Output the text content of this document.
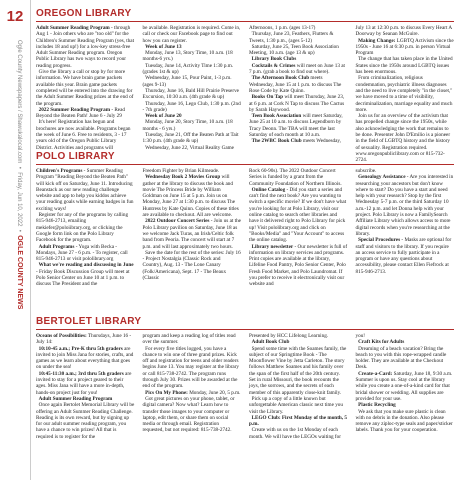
12
Ogle County Newspapers / Shawukalocal.com  •  Friday, Jun 10, 2022  •  OGLE COUNTY NEWS
OREGON LIBRARY
Adult Summer Reading Program - through Aug 1 - Join others who are "too old" for the Children's Summer Reading Program (yes, that includes 18 and up!) for a low-key stress-free Adult Summer Reading program. Oregon Public Library has two ways to record your reading progress.
Give the library a call or stop by for more information. We have brain game packets available this year. Brain game packets completed will be entered into the drawing for the Adult Summer Reading prizes at the end of the program.
2022 Summer Reading Program - Read Beyond the Beaten Path! June 6 - July 29
It's here! Registration has begun and brochures are now available. Programs began the week of June 6. Free to residents, 3 - 17 years old of the Oregon Public Library District. Activities and programs will
be available. Registration is required. Come in, call or check our Facebook page to find out how you can register.
Week of June 13
Monday, June 13, Story Time, 10 a.m. (18 months-6 yrs.)
Tuesday, June 14, Activity Time 1:30 p.m. (grades 1st & up)
Wednesday, June 15, Pour Paint, 1-3 p.m. (ages 9-13)
Thursday, June 16, Bald Hill Prairie Preserve Excursion, 10:30 a.m. (4th grade & up)
Thursday, June 16, Lego Club, 1:30 p.m. (2nd - 7th grade)
Week of June 20
Monday, June 20, Story Time, 10 a.m. (18 months - 6 yrs.)
Tuesday, June 21, Off the Beaten Path at Tait 1:30 p.m. (4th grade & up)
Wednesday, June 22, Virtual Reality Game
Afternoons, 1 p.m. (ages 13-17)
Thursday, June 23, Feathers, Flutters & Tweets, 1:30 p.m., (ages 5-12)
Saturday, June 25, Teen Book Association Meeting, 10 a.m. (age 13 & up)
Library Book Clubs
Cocktails & Crimes will meet on June 13 at 7 p.m. (grab a book to find out where).
The Afternoon Book Club meets Wednesday, June 15 at 1 p.m. to discuss The Rose Code by Kate Quinn.
Books On Tap will meet Thursday, June 23, at 6 p.m. at Cork N Tap to discuss The Cactus by Sarah Haywood.
Teen Book Association will meet Saturday, June 25 at 10 a.m. to discuss Legendborn by Tracy Deonn. The TBA will meet the last Saturday of each month at 10 a.m.
The 2WBC Book Club meets Wednesday,
July 13 at 12:30 p.m. to discuss Every Heart A Doorway by Seanan McGuire.
Making Change: LGBTQ Activism since the 1950s - June 16 at 6:30 p.m. in person Virtual Program
The change that has taken place in the United States since the 1950s around LGBTQ issues has been enormous.
From criminalization, religious condemnation, psychiatric illness diagnoses and the need to live completely "in the closet," we have moved to a time of visibility, decriminalization, marriage equality and much more.
Join us for an overview of the activism that has propelled change since the 1950s, while also acknowledging the work that remains to be done. Presenter John D'Emilio is a pioneer in the field of LGBTQ history and the history of sexuality. Registration required. www.oregonpubliclibrary.com or 815-732-2724.
POLO LIBRARY
Children's Programs - Summer Reading Program "Reading Beyond the Beaten Path" will kick off on Saturday, June 11. Introducing Beanstack as our new reading challenge website and app to help you kiddos achieve your reading goals while earning badges in fun exciting ways!
Register for any of the programs by calling 815-946-2713, emailing mekiefer@poloiibrary.org, or clicking the Google form link on the Polo Library Facebook for the program.
Adult Programs - Yoga with Becka - Mondays, June 27 - 6 p.m. - To register, call 815-946-2713 or visit pololibrary.org
What we're reading and discussing in June - Friday Book Discussion Group will meet at Polo Senior Center on June 10 at 1 p.m. to discuss The President and the
Freedom Fighter by Brian Kilmeade.
Wednesday Book 2 Movies Group will gather at the library to discuss the book and movie The Princess Bride by William Goldman on June 15 at 5 p.m. Join us on Monday, June 27 at 1:30 p.m. to discuss The Huntress by Kate Quinn. Copies of these titles are available to checkout. All are welcome.
2022 Outdoor Concert Series - Join us at the Polo Library pavilion on Saturday, June 18 as we welcome Jack Turas, an Irish/Celtic folk band from Peoria. The concert will start at 7 p.m. and will last approximately two hours.
Save the date for the rest of the series: July 16 - Project Nostalgia (Classic Rock and Country), Aug. 13 - The Lone Canary (Folk/Americana), Sept. 17 - The Beaux (Classic
Rock 60-90s). The 2022 Outdoor Concert Series is funded by a grant from the Community Foundation of Northern Illinois.
Online Catalog - Did you start a series and can't find the next book? Are you wanting to switch a specific movie? If we don't have what you're looking for at Polo Library, visit our online catalog to search other libraries and have it delivered right to Polo Library for pick up! Visit pololibrary.org and click on "Books/Media" and "Your Account" to access the online catalog.
Library newsletter - Our newsletter is full of information on library services and programs. Print copies are available at the library, Lifeline Food Pantry, Polo Senior Center, Polo Fresh Food Market, and Polo Laundromat. If you prefer to receive it electronically visit our website and
subscribe.
Genealogy Assistance - Are you interested in researching your ancestors but don't know where to start? Do you have a start and need help with your research? Stop by the first Wednesday 5-7 p.m. or the third Saturday 10 a.m.-12 p.m. and let Donna help with your project. Polo Library is now a FamilySearch Affiliate Library which allows access to more digital records when you're researching at the library.
Special Procedures - Masks are optional for staff and visitors to the library. If you require an access service to fully participate in a program or have any questions about accessibility, please contact Ellen Fiefrock at 815-946-2713.
BERTOLET LIBRARY
Oceans of Possibilities: Thursdays, June 16 - July 14:
10:10-45 a.m.; Pre-K thru 5th graders are invited to join Miss Jana for stories, crafts, and games as we learn about everything that goes on under the sea!
10:45-11:30 a.m.; 3rd thru 5th graders are invited to stay for a project geared to their ages. Miss Jana will have a more in-depth, hands-on project just for you!
Adult Summer Reading Program
Once again Bertolet Memorial Library will be offering an Adult Summer Reading Challenge. Reading is its own reward, but by signing up for our adult summer reading program, you have a chance to win prizes! All that is required is to register for the
program and keep a reading log of titles read over the summer.
For every five titles logged, you have a chance to win one of three grand prizes. Kick off and registration for teens and older readers begins June 13. You may register at the library or call 815-738-2742. The program runs through July 30. Prizes will be awarded at the end of the program.
Pics On My Phone: Monday, June 20, 5 p.m.
Got great pictures on your phone, tablet, or digital camera? Now what? Learn how to transfer those images to your computer or laptop, edit them, or share them on social media or through email. Registration requested, but not required: 815-738-2742.
Presented by HCC Lifelong Learning.
Adult Book Club
Spend some time with the Soames family, the subject of our Springtime Book - The Moonflower Vine by Jetta Carleton. The story follows Matthew Soames and his family over the span of the first half of the 20th century. Set in rural Missouri, the book recounts the joys, the sorrows, and the secrets of each member of this apparently close-knit family.
Pick up a copy of a little known but unforgettable American classic next time you visit the Library.
LEGO Club: First Monday of the month, 5 p.m.
Create with us on the 1st Monday of each month. We will have the LEGOs waiting for
you!
Craft Kits for Adults
Dreaming of a beach vacation? Bring the beach to you with this rope-wrapped candle holder. They are available at the Checkout Desk.
Create-a-Card: Saturday, June 18, 9:30 a.m. Summer is upon us. Stay cool at the library while you create a one-of-a-kind card for that bridal shower or wedding. All supplies are provided for your use.
Plastic Recycling
We ask that you make sure plastic is clean with no debris in the donation. Also please remove any ziploc-type seals and paper/sticker labels. Thank you for your cooperation.
